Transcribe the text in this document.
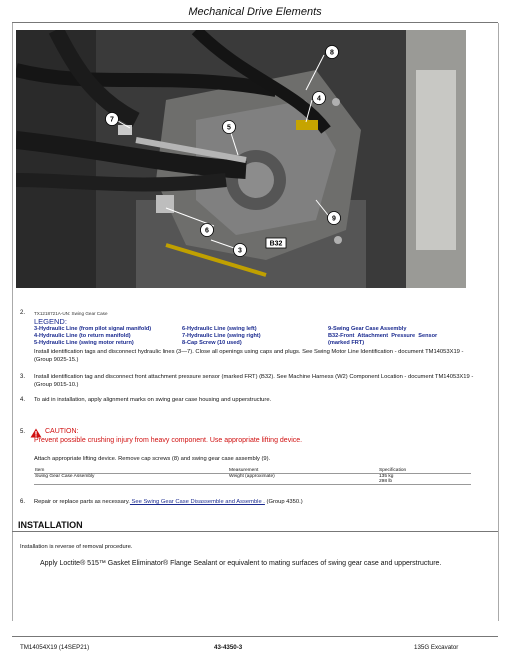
Mechanical Drive Elements
8
4
7
5
9
6
3
B32
2. TX1218721A-UN: Swing Gear Case
LEGEND:
3-Hydraulic Line (from pilot signal manifold)	6-Hydraulic Line (swing left)	9-Swing Gear Case Assembly
4-Hydraulic Line (to return manifold)	7-Hydraulic Line (swing right)	B32-Front  Attachment  Pressure  Sensor
5-Hydraulic Line (swing motor return)	8-Cap Screw (10 used)	(marked FRT)
Install identification tags and disconnect hydraulic lines (3—7). Close all openings using caps and plugs. See Swing Motor Line Identification - document TM14053X19 - (Group 9025-15.)
3. Install identification tag and disconnect front attachment pressure sensor (marked FRT) (B32). See Machine Harness (W2) Component Location - document TM14053X19 - (Group 9015-10.)
4. To aid in installation, apply alignment marks on swing gear case housing and upperstructure.
5.	CAUTION:
Prevent possible crushing injury from heavy component. Use appropriate lifting device.
Attach appropriate lifting device. Remove cap screws (8) and swing gear case assembly (9).
Item	Measurement	Specification
Swing Gear Case Assembly	Weight (approximate)	135 kg
298 lb
6. Repair or replace parts as necessary. See Swing Gear Case Disassemble and Assemble . (Group 4350.)
INSTALLATION
Installation is reverse of removal procedure.
Apply Loctite® 515™ Gasket Eliminator® Flange Sealant or equivalent to mating surfaces of swing gear case and upperstructure.
TM14054X19 (14SEP21)	43-4350-3	135G Excavator
